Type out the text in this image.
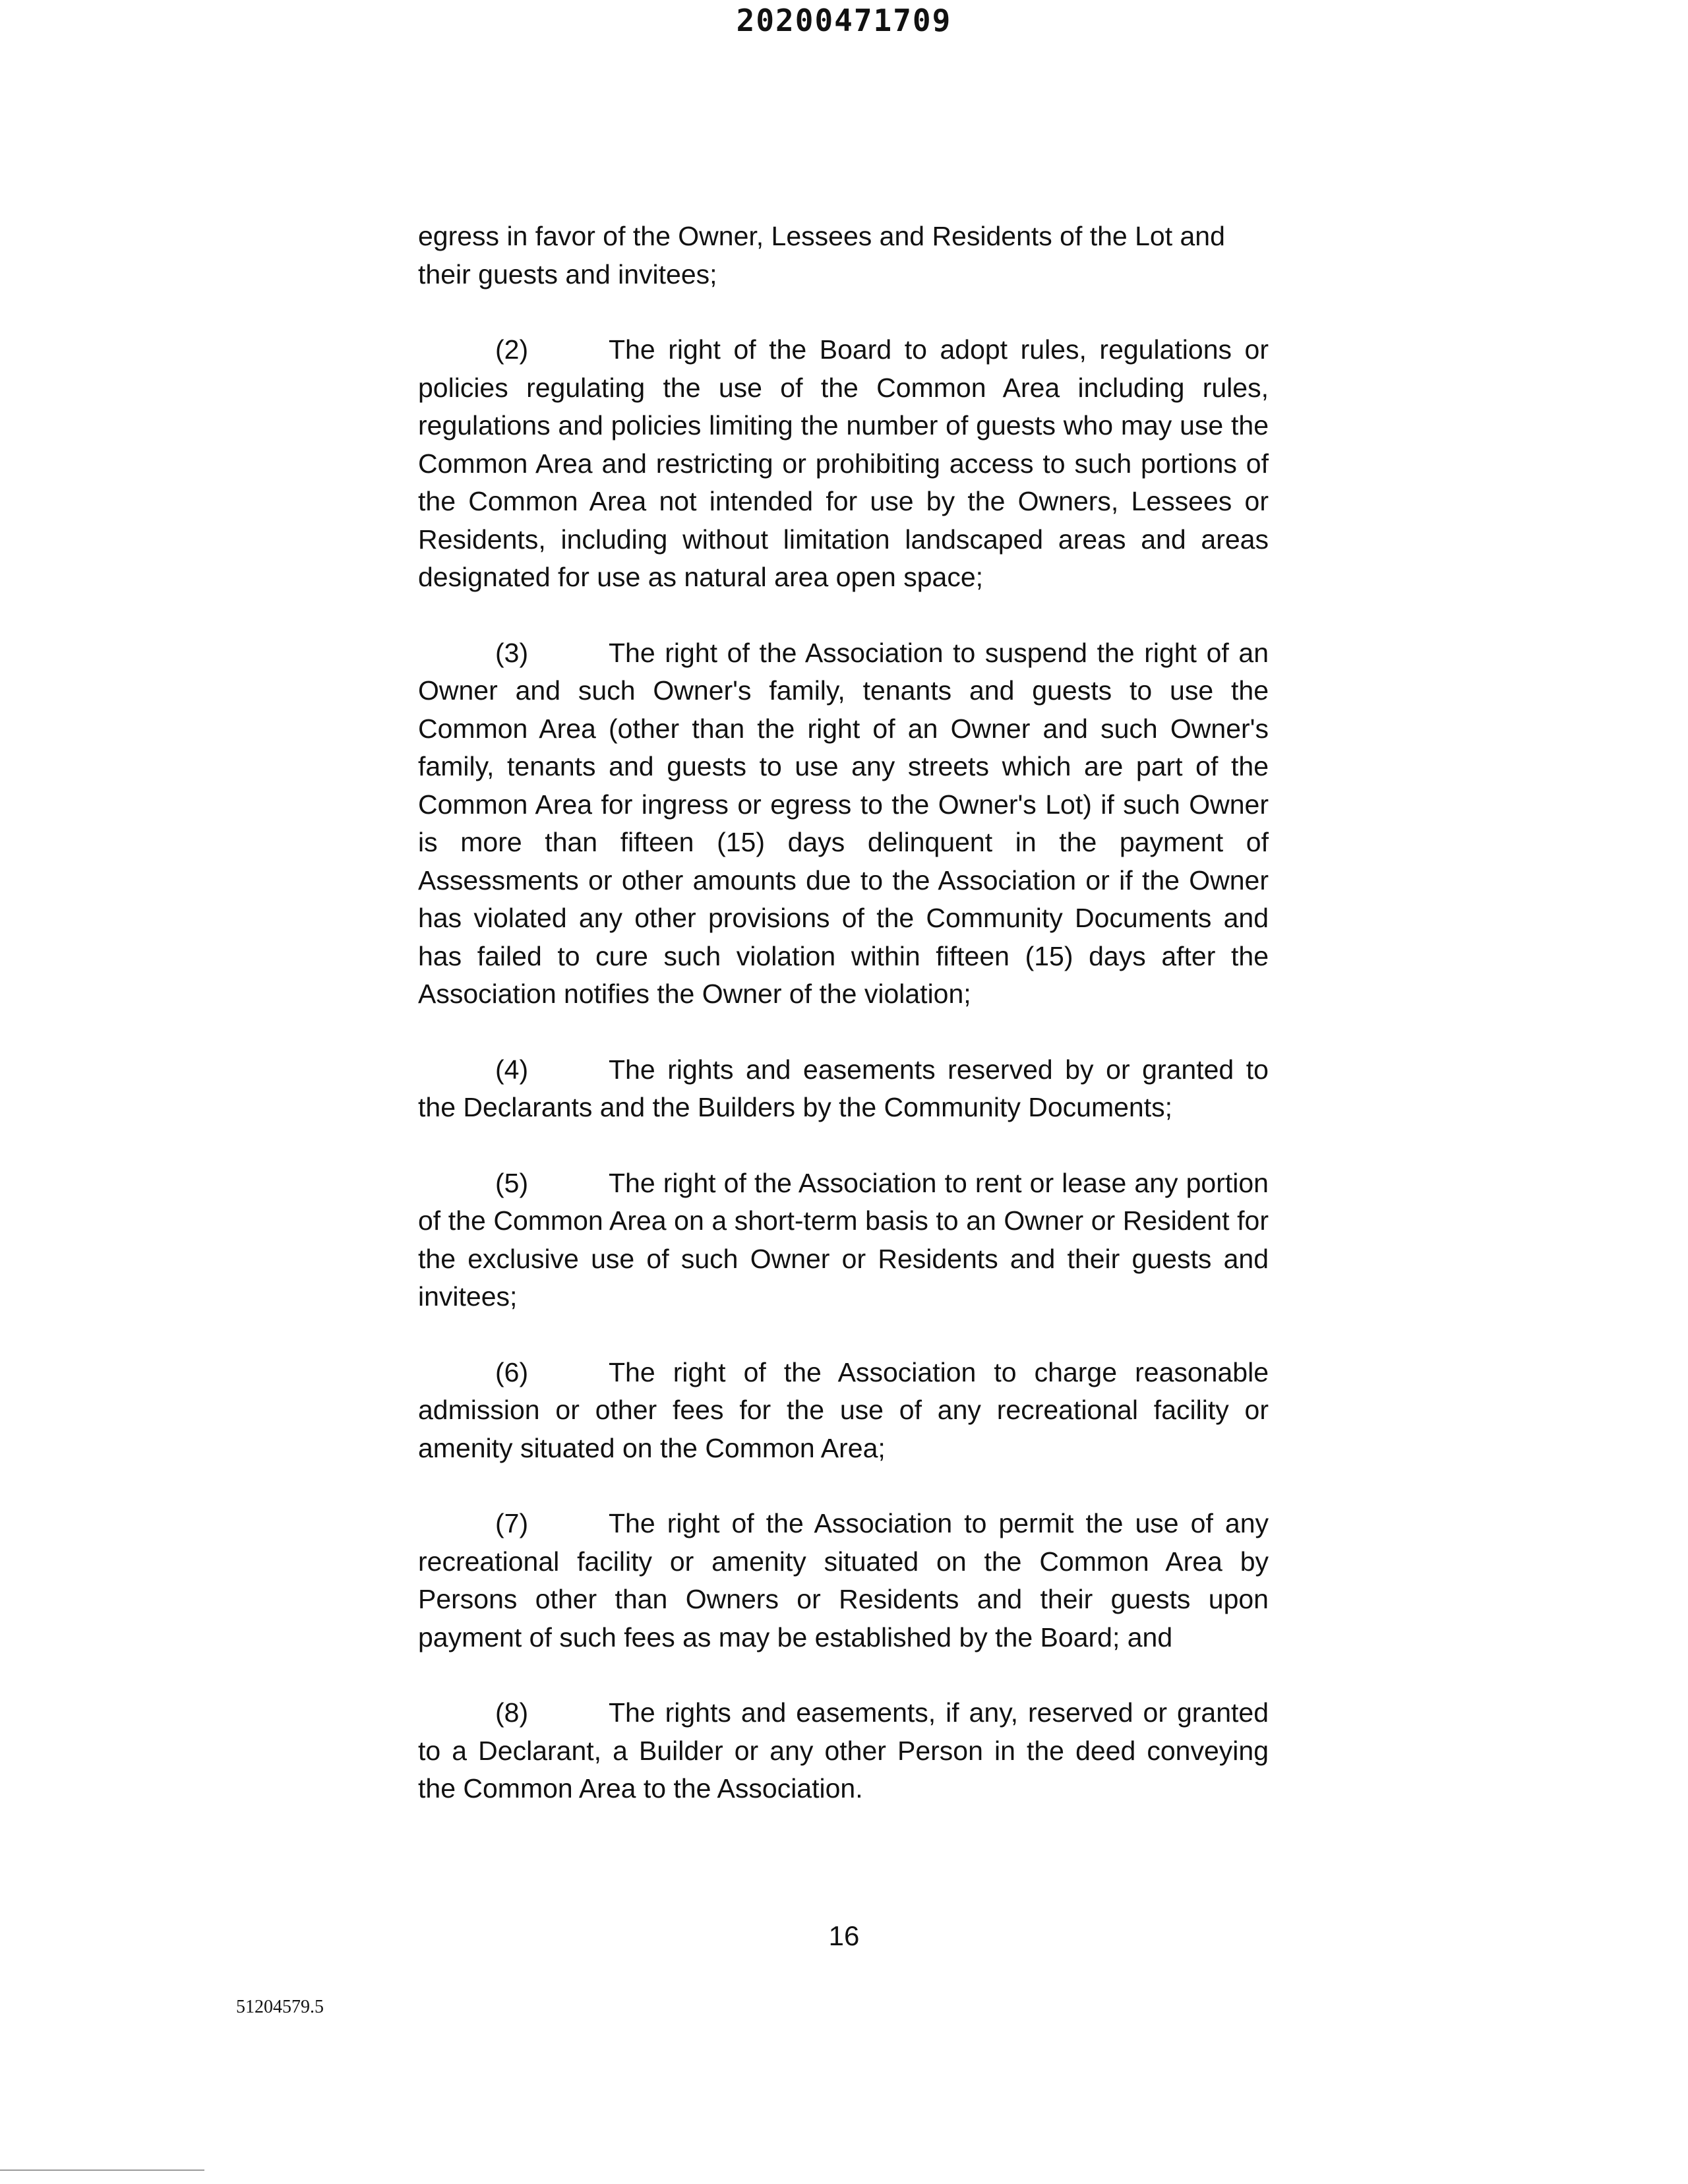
20200471709

egress in favor of the Owner, Lessees and Residents of the Lot and their guests and invitees;

(2)	The right of the Board to adopt rules, regulations or policies regulating the use of the Common Area including rules, regulations and policies limiting the number of guests who may use the Common Area and restricting or prohibiting access to such portions of the Common Area not intended for use by the Owners, Lessees or Residents, including without limitation landscaped areas and areas designated for use as natural area open space;

(3)	The right of the Association to suspend the right of an Owner and such Owner's family, tenants and guests to use the Common Area (other than the right of an Owner and such Owner's family, tenants and guests to use any streets which are part of the Common Area for ingress or egress to the Owner's Lot) if such Owner is more than fifteen (15) days delinquent in the payment of Assessments or other amounts due to the Association or if the Owner has violated any other provisions of the Community Documents and has failed to cure such violation within fifteen (15) days after the Association notifies the Owner of the violation;

(4)	The rights and easements reserved by or granted to the Declarants and the Builders by the Community Documents;

(5)	The right of the Association to rent or lease any portion of the Common Area on a short-term basis to an Owner or Resident for the exclusive use of such Owner or Residents and their guests and invitees;

(6)	The right of the Association to charge reasonable admission or other fees for the use of any recreational facility or amenity situated on the Common Area;

(7)	The right of the Association to permit the use of any recreational facility or amenity situated on the Common Area by Persons other than Owners or Residents and their guests upon payment of such fees as may be established by the Board; and

(8)	The rights and easements, if any, reserved or granted to a Declarant, a Builder or any other Person in the deed conveying the Common Area to the Association.

16

51204579.5
